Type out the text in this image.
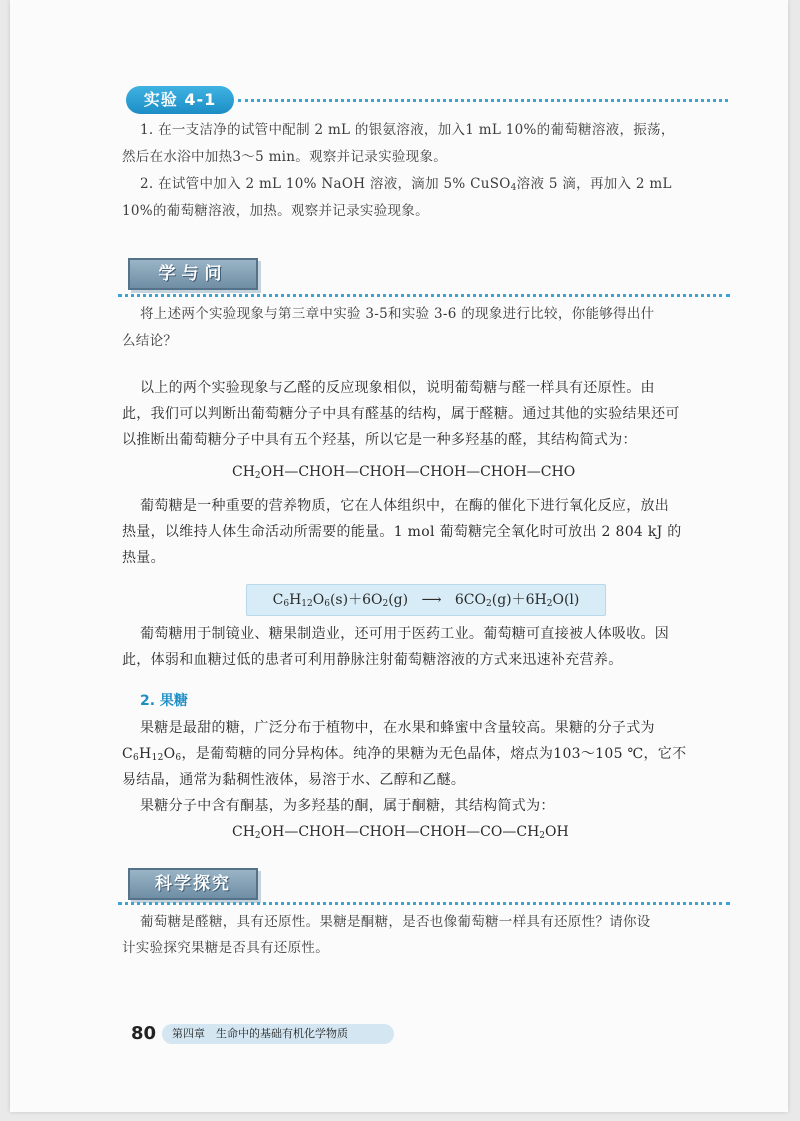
实验 4-1
1. 在一支洁净的试管中配制 2 mL 的银氨溶液，加入1 mL 10%的葡萄糖溶液，振荡，
然后在水浴中加热3～5 min。观察并记录实验现象。
2. 在试管中加入 2 mL 10% NaOH 溶液，滴加 5% CuSO$_4$溶液 5 滴，再加入 2 mL
10%的葡萄糖溶液，加热。观察并记录实验现象。
学与问
将上述两个实验现象与第三章中实验 3-5和实验 3-6 的现象进行比较，你能够得出什
么结论？
以上的两个实验现象与乙醛的反应现象相似，说明葡萄糖与醛一样具有还原性。由
此，我们可以判断出葡萄糖分子中具有醛基的结构，属于醛糖。通过其他的实验结果还可
以推断出葡萄糖分子中具有五个羟基，所以它是一种多羟基的醛，其结构简式为：
$CH_2OH—CHOH—CHOH—CHOH—CHOH—CHO$
葡萄糖是一种重要的营养物质，它在人体组织中，在酶的催化下进行氧化反应，放出
热量，以维持人体生命活动所需要的能量。1 mol 葡萄糖完全氧化时可放出 2 804 kJ 的
热量。
$C_6H_{12}O_6(s)+6O_2(g)$ ⟶ $6CO_2(g)+6H_2O(l)$
葡萄糖用于制镜业、糖果制造业，还可用于医药工业。葡萄糖可直接被人体吸收。因
此，体弱和血糖过低的患者可利用静脉注射葡萄糖溶液的方式来迅速补充营养。
2. 果糖
果糖是最甜的糖，广泛分布于植物中，在水果和蜂蜜中含量较高。果糖的分子式为
$C_6H_{12}O_6$，是葡萄糖的同分异构体。纯净的果糖为无色晶体，熔点为103～105 ℃，它不
易结晶，通常为黏稠性液体，易溶于水、乙醇和乙醚。
果糖分子中含有酮基，为多羟基的酮，属于酮糖，其结构简式为：
$CH_2OH—CHOH—CHOH—CHOH—CO—CH_2OH$
科学探究
葡萄糖是醛糖，具有还原性。果糖是酮糖，是否也像葡萄糖一样具有还原性？请你设
计实验探究果糖是否具有还原性。
80	第四章　生命中的基础有机化学物质
